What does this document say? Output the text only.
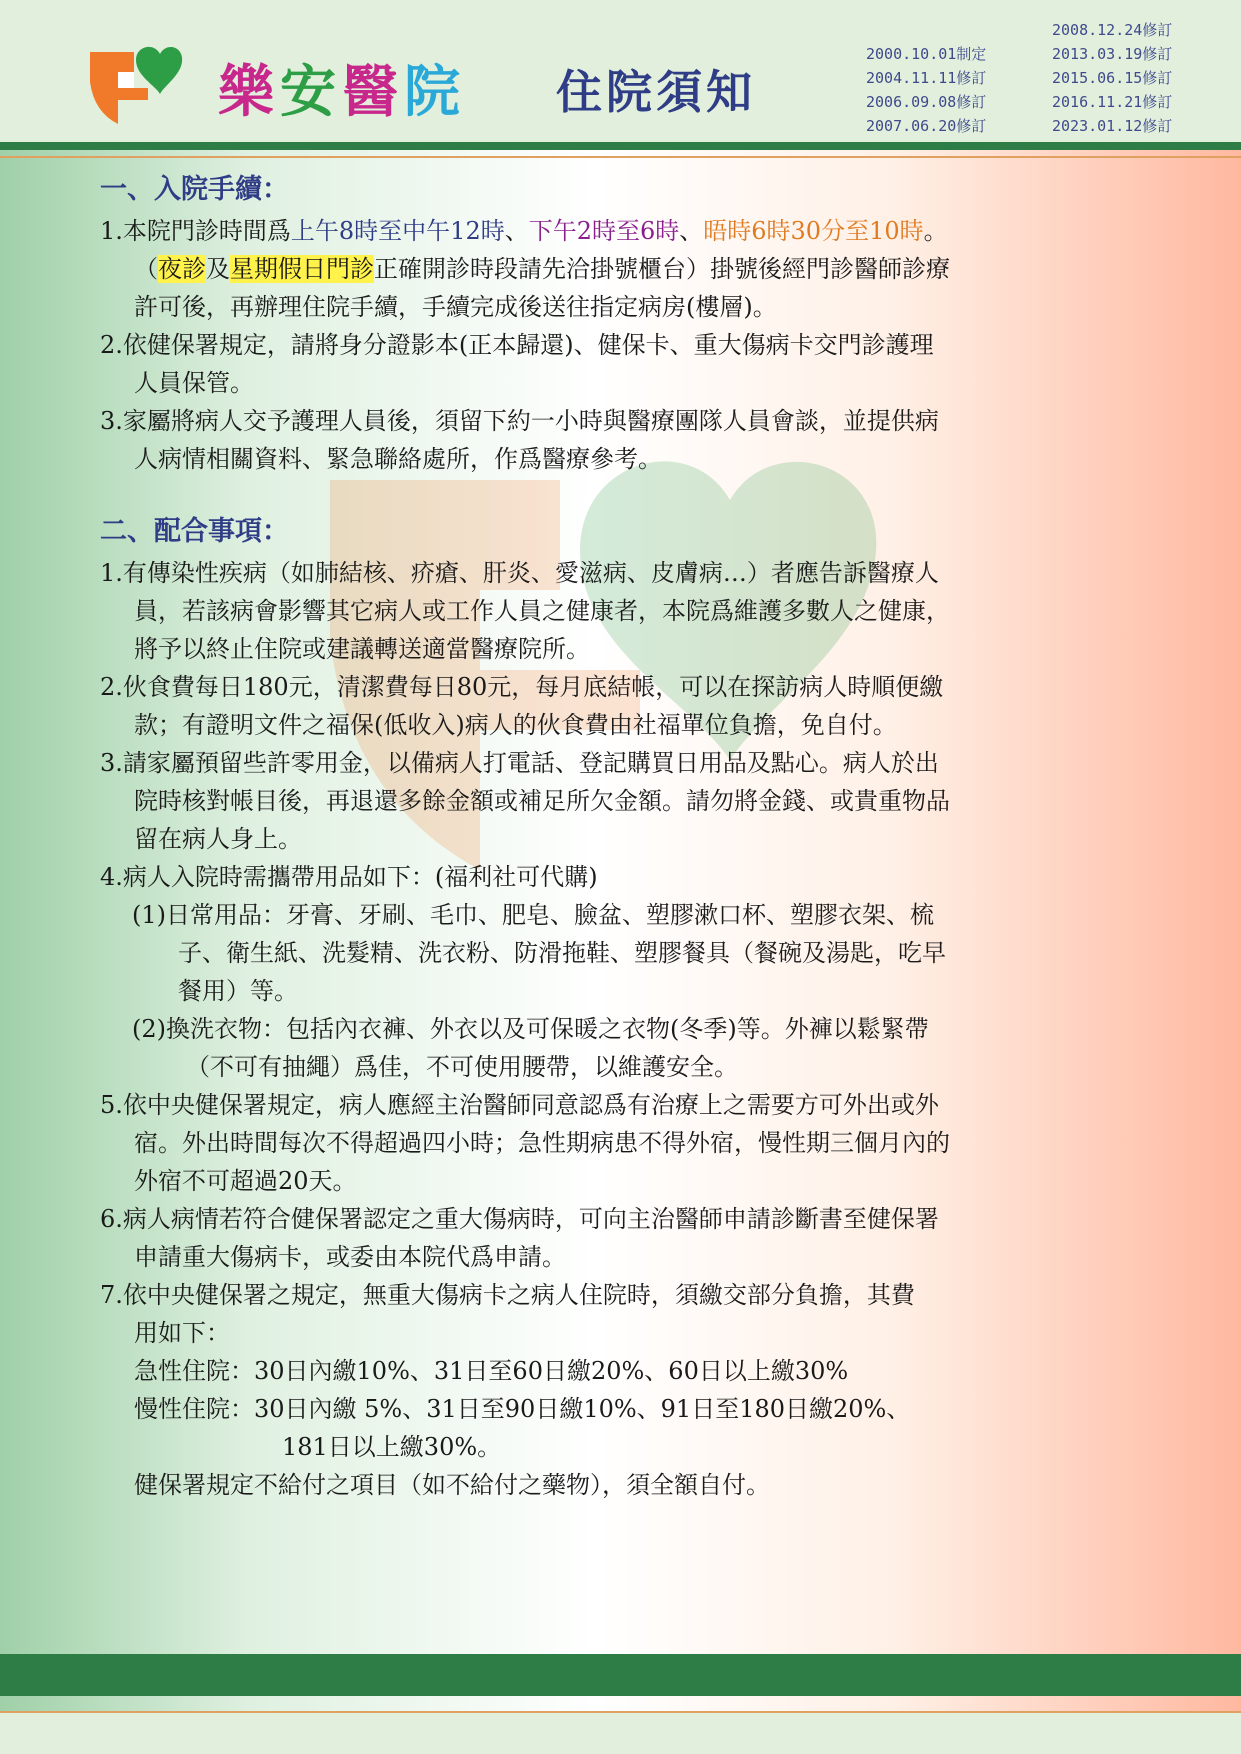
樂安醫院 住院須知
2000.10.01制定
2004.11.11修訂
2006.09.08修訂
2007.06.20修訂
2008.12.24修訂
2013.03.19修訂
2015.06.15修訂
2016.11.21修訂
2023.01.12修訂
一、入院手續：
1.本院門診時間爲上午8時至中午12時、下午2時至6時、晤時6時30分至10時。
（夜診及星期假日門診正確開診時段請先洽掛號櫃台）掛號後經門診醫師診療
許可後，再辦理住院手續，手續完成後送往指定病房(樓層)。
2.依健保署規定，請將身分證影本(正本歸還)、健保卡、重大傷病卡交門診護理
人員保管。
3.家屬將病人交予護理人員後，須留下約一小時與醫療團隊人員會談，並提供病
人病情相關資料、緊急聯絡處所，作爲醫療參考。
二、配合事項：
1.有傳染性疾病（如肺結核、疥瘡、肝炎、愛滋病、皮膚病…）者應告訴醫療人
員，若該病會影響其它病人或工作人員之健康者，本院爲維護多數人之健康，
將予以終止住院或建議轉送適當醫療院所。
2.伙食費每日180元，清潔費每日80元，每月底結帳，可以在探訪病人時順便繳
款；有證明文件之福保(低收入)病人的伙食費由社福單位負擔，免自付。
3.請家屬預留些許零用金，以備病人打電話、登記購買日用品及點心。病人於出
院時核對帳目後，再退還多餘金額或補足所欠金額。請勿將金錢、或貴重物品
留在病人身上。
4.病人入院時需攜帶用品如下：(福利社可代購)
(1)日常用品：牙膏、牙刷、毛巾、肥皂、臉盆、塑膠漱口杯、塑膠衣架、梳
子、衛生紙、洗髮精、洗衣粉、防滑拖鞋、塑膠餐具（餐碗及湯匙，吃早
餐用）等。
(2)換洗衣物：包括內衣褲、外衣以及可保暖之衣物(冬季)等。外褲以鬆緊帶
（不可有抽繩）爲佳，不可使用腰帶，以維護安全。
5.依中央健保署規定，病人應經主治醫師同意認爲有治療上之需要方可外出或外
宿。外出時間每次不得超過四小時；急性期病患不得外宿，慢性期三個月內的
外宿不可超過20天。
6.病人病情若符合健保署認定之重大傷病時，可向主治醫師申請診斷書至健保署
申請重大傷病卡，或委由本院代爲申請。
7.依中央健保署之規定，無重大傷病卡之病人住院時，須繳交部分負擔，其費
用如下：
急性住院：30日內繳10%、31日至60日繳20%、60日以上繳30%
慢性住院：30日內繳 5%、31日至90日繳10%、91日至180日繳20%、
181日以上繳30%。
健保署規定不給付之項目（如不給付之藥物），須全額自付。
